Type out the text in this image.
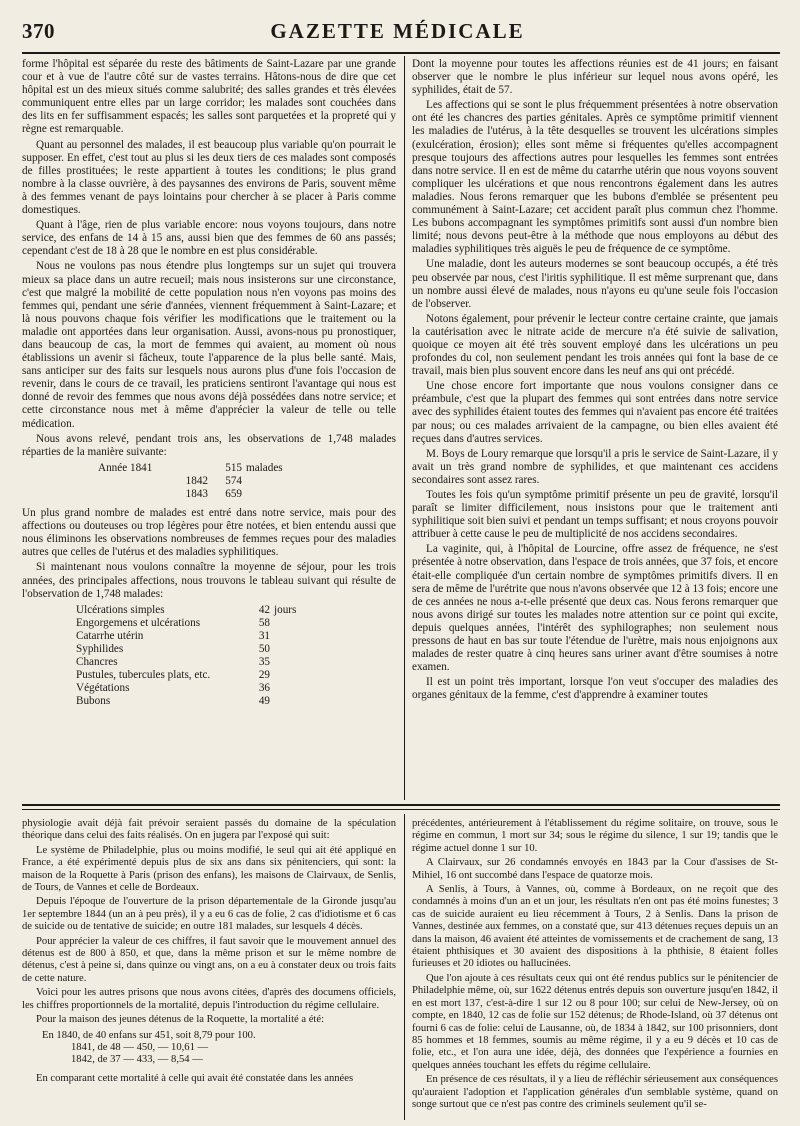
370	GAZETTE MÉDICALE

forme l'hôpital est séparée du reste des bâtiments de Saint-Lazare par une grande cour et à vue de l'autre côté sur de vastes terrains. Hâtons-nous de dire que cet hôpital est un des mieux situés comme salubrité; des salles grandes et très élevées communiquent entre elles par un large corridor; les malades sont couchées dans des lits en fer suffisamment espacés; les salles sont parquetées et la propreté qui y règne est remarquable.

Quant au personnel des malades, il est beaucoup plus variable qu'on pourrait le supposer. En effet, c'est tout au plus si les deux tiers de ces malades sont composés de filles prostituées; le reste appartient à toutes les conditions; le plus grand nombre à la classe ouvrière, à des paysannes des environs de Paris, souvent même à des femmes venant de pays lointains pour chercher à se placer à Paris comme domestiques.

Quant à l'âge, rien de plus variable encore: nous voyons toujours, dans notre service, des enfans de 14 à 15 ans, aussi bien que des femmes de 60 ans passés; cependant c'est de 18 à 28 que le nombre en est plus considérable.

Nous ne voulons pas nous étendre plus longtemps sur un sujet qui trouvera mieux sa place dans un autre recueil; mais nous insisterons sur une circonstance, c'est que malgré la mobilité de cette population nous n'en voyons pas moins des femmes qui, pendant une série d'années, viennent fréquemment à Saint-Lazare; et là nous pouvons chaque fois vérifier les modifications que le traitement ou la maladie ont apportées dans leur organisation. Aussi, avons-nous pu pronostiquer, dans beaucoup de cas, la mort de femmes qui avaient, au moment où nous établissions un avenir si fâcheux, toute l'apparence de la plus belle santé. Mais, sans anticiper sur des faits sur lesquels nous aurons plus d'une fois l'occasion de revenir, dans le cours de ce travail, les praticiens sentiront l'avantage qui nous est donné de revoir des femmes que nous avons déjà possédées dans notre service; et cette circonstance nous met à même d'apprécier la valeur de telle ou telle médication.

Nous avons relevé, pendant trois ans, les observations de 1,748 malades réparties de la manière suivante:

Année 1841	515 malades
1842	574
1843	659

Un plus grand nombre de malades est entré dans notre service, mais pour des affections ou douteuses ou trop légères pour être notées, et bien entendu aussi que nous éliminons les observations nombreuses de femmes reçues pour des maladies autres que celles de l'utérus et des maladies syphilitiques.

Si maintenant nous voulons connaître la moyenne de séjour, pour les trois années, des principales affections, nous trouvons le tableau suivant qui résulte de l'observation de 1,748 malades:

Ulcérations simples	42 jours
Engorgemens et ulcérations	58
Catarrhe utérin	31
Syphilides	50
Chancres	35
Pustules, tubercules plats, etc.	29
Végétations	36
Bubons	49

Dont la moyenne pour toutes les affections réunies est de 41 jours; en faisant observer que le nombre le plus inférieur sur lequel nous avons opéré, les syphilides, était de 57.

Les affections qui se sont le plus fréquemment présentées à notre observation ont été les chancres des parties génitales. Après ce symptôme primitif viennent les maladies de l'utérus, à la tête desquelles se trouvent les ulcérations simples (exulcération, érosion); elles sont même si fréquentes qu'elles accompagnent presque toujours des affections autres pour lesquelles les femmes sont entrées dans notre service. Il en est de même du catarrhe utérin que nous voyons souvent compliquer les ulcérations et que nous rencontrons également dans les autres maladies. Nous ferons remarquer que les bubons d'emblée se présentent peu communément à Saint-Lazare; cet accident paraît plus commun chez l'homme. Les bubons accompagnant les symptômes primitifs sont aussi d'un nombre bien limité; nous devons peut-être à la méthode que nous employons au début des maladies syphilitiques très aiguës le peu de fréquence de ce symptôme.

Une maladie, dont les auteurs modernes se sont beaucoup occupés, a été très peu observée par nous, c'est l'iritis syphilitique. Il est même surprenant que, dans un nombre aussi élevé de malades, nous n'ayons eu qu'une seule fois l'occasion de l'observer.

Notons également, pour prévenir le lecteur contre certaine crainte, que jamais la cautérisation avec le nitrate acide de mercure n'a été suivie de salivation, quoique ce moyen ait été très souvent employé dans les ulcérations un peu profondes du col, non seulement pendant les trois années qui font la base de ce travail, mais bien plus souvent encore dans les neuf ans qui ont précédé.

Une chose encore fort importante que nous voulons consigner dans ce préambule, c'est que la plupart des femmes qui sont entrées dans notre service avec des syphilides étaient toutes des femmes qui n'avaient pas encore été traitées par nous; ou ces malades arrivaient de la campagne, ou bien elles avaient été reçues dans d'autres services.

M. Boys de Loury remarque que lorsqu'il a pris le service de Saint-Lazare, il y avait un très grand nombre de syphilides, et que maintenant ces accidens secondaires sont assez rares.

Toutes les fois qu'un symptôme primitif présente un peu de gravité, lorsqu'il paraît se limiter difficilement, nous insistons pour que le traitement anti syphilitique soit bien suivi et pendant un temps suffisant; et nous croyons pouvoir attribuer à cette cause le peu de multiplicité de nos accidens secondaires.

La vaginite, qui, à l'hôpital de Lourcine, offre assez de fréquence, ne s'est présentée à notre observation, dans l'espace de trois années, que 37 fois, et encore était-elle compliquée d'un certain nombre de symptômes primitifs divers. Il en sera de même de l'urétrite que nous n'avons observée que 12 à 13 fois; encore une de ces années ne nous a-t-elle présenté que deux cas. Nous ferons remarquer que nous avons dirigé sur toutes les malades notre attention sur ce point qui excite, depuis quelques années, l'intérêt des syphilographes; non seulement nous pressons de haut en bas sur toute l'étendue de l'urètre, mais nous enjoignons aux malades de rester quatre à cinq heures sans uriner avant d'être soumises à notre examen.

Il est un point très important, lorsque l'on veut s'occuper des maladies des organes génitaux de la femme, c'est d'apprendre à examiner toutes

physiologie avait déjà fait prévoir seraient passés du domaine de la spéculation théorique dans celui des faits réalisés. On en jugera par l'exposé qui suit:

Le système de Philadelphie, plus ou moins modifié, le seul qui ait été appliqué en France, a été expérimenté depuis plus de six ans dans six pénitenciers, qui sont: la maison de la Roquette à Paris (prison des enfans), les maisons de Clairvaux, de Senlis, de Tours, de Vannes et celle de Bordeaux.

Depuis l'époque de l'ouverture de la prison départementale de la Gironde jusqu'au 1er septembre 1844 (un an à peu près), il y a eu 6 cas de folie, 2 cas d'idiotisme et 6 cas de suicide ou de tentative de suicide; en outre 181 malades, sur lesquels 4 décès.

Pour apprécier la valeur de ces chiffres, il faut savoir que le mouvement annuel des détenus est de 800 à 850, et que, dans la même prison et sur le même nombre de détenus, c'est à peine si, dans quinze ou vingt ans, on a eu à constater deux ou trois faits de cette nature.

Voici pour les autres prisons que nous avons citées, d'après des documens officiels, les chiffres proportionnels de la mortalité, depuis l'introduction du régime cellulaire.

Pour la maison des jeunes détenus de la Roquette, la mortalité a été:

En 1840, de 40 enfans sur 451, soit 8,79 pour 100.
1841, de 48 — 450, — 10,61 —
1842, de 37 — 433, — 8,54 —

En comparant cette mortalité à celle qui avait été constatée dans les années

précédentes, antérieurement à l'établissement du régime solitaire, on trouve, sous le régime en commun, 1 mort sur 34; sous le régime du silence, 1 sur 19; tandis que le régime actuel donne 1 sur 10.

A Clairvaux, sur 26 condamnés envoyés en 1843 par la Cour d'assises de St-Mihiel, 16 ont succombé dans l'espace de quatorze mois.

A Senlis, à Tours, à Vannes, où, comme à Bordeaux, on ne reçoit que des condamnés à moins d'un an et un jour, les résultats n'en ont pas été moins funestes; 3 cas de suicide auraient eu lieu récemment à Tours, 2 à Senlis. Dans la prison de Vannes, destinée aux femmes, on a constaté que, sur 413 détenues reçues depuis un an dans la maison, 46 avaient été atteintes de vomissements et de crachement de sang, 13 étaient phthisiques et 30 avaient des dispositions à la phthisie, 8 étaient folles furieuses et 20 idiotes ou hallucinées.

Que l'on ajoute à ces résultats ceux qui ont été rendus publics sur le pénitencier de Philadelphie même, où, sur 1622 détenus entrés depuis son ouverture jusqu'en 1842, il en est mort 137, c'est-à-dire 1 sur 12 ou 8 pour 100; sur celui de New-Jersey, où on compte, en 1840, 12 cas de folie sur 152 détenus; de Rhode-Island, où 37 détenus ont fourni 6 cas de folie: celui de Lausanne, où, de 1834 à 1842, sur 100 prisonniers, dont 85 hommes et 18 femmes, soumis au même régime, il y a eu 9 décès et 10 cas de folie, etc., et l'on aura une idée, déjà, des données que l'expérience a fournies en quelques années touchant les effets du régime cellulaire.

En présence de ces résultats, il y a lieu de réfléchir sérieusement aux conséquences qu'auraient l'adoption et l'application générales d'un semblable système, quand on songe surtout que ce n'est pas contre des criminels seulement qu'il se-
